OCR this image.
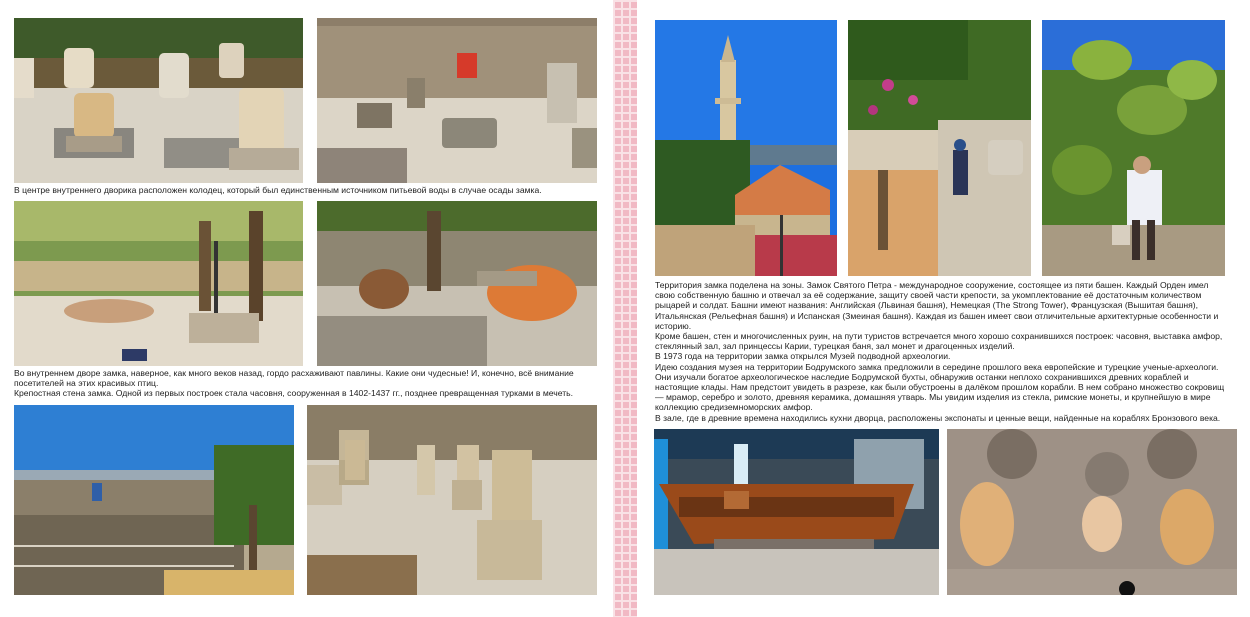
В центре внутреннего дворика расположен колодец, который был единственным источником питьевой воды в случае осады замка.

Во внутреннем дворе замка, наверное, как много веков назад, гордо расхаживают павлины. Какие они чудесные! И, конечно, всё внимание посетителей на этих красивых птиц.

Крепостная стена замка. Одной из первых построек стала часовня, сооруженная в 1402-1437 гг., позднее превращенная турками в мечеть.

Территория замка поделена на зоны. Замок Святого Петра - международное сооружение, состоящее из пяти башен. Каждый Орден имел свою собственную башню и отвечал за её содержание, защиту своей части крепости, за укомплектование её достаточным количеством рыцарей и солдат. Башни имеют названия: Английская (Львиная башня), Немецкая (The Strong Tower), Французская (Вышитая башня), Итальянская (Рельефная башня) и Испанская (Змеиная башня). Каждая из башен имеет свои отличительные архитектурные особенности и историю.

Кроме башен, стен и многочисленных руин, на пути туристов встречается много хорошо сохранившихся построек: часовня, выставка амфор, стеклянный зал, зал принцессы Карии, турецкая баня, зал монет и драгоценных изделий.

В 1973 года на территории замка открылся Музей подводной археологии.

Идею создания музея на территории Бодрумского замка предложили в середине прошлого века европейские и турецкие ученые-археологи. Они изучали богатое археологическое наследие Бодрумской бухты, обнаружив останки неплохо сохранившихся древних кораблей и настоящие клады. Нам предстоит увидеть в разрезе, как были обустроены в далёком прошлом корабли. В нем собрано множество сокровищ — мрамор, серебро и золото, древняя керамика, домашняя утварь. Мы увидим изделия из стекла, римские монеты, и крупнейшую в мире коллекцию средиземноморских амфор.

В зале, где в древние времена находились кухни дворца, расположены экспонаты и ценные вещи, найденные на кораблях Бронзового века.
